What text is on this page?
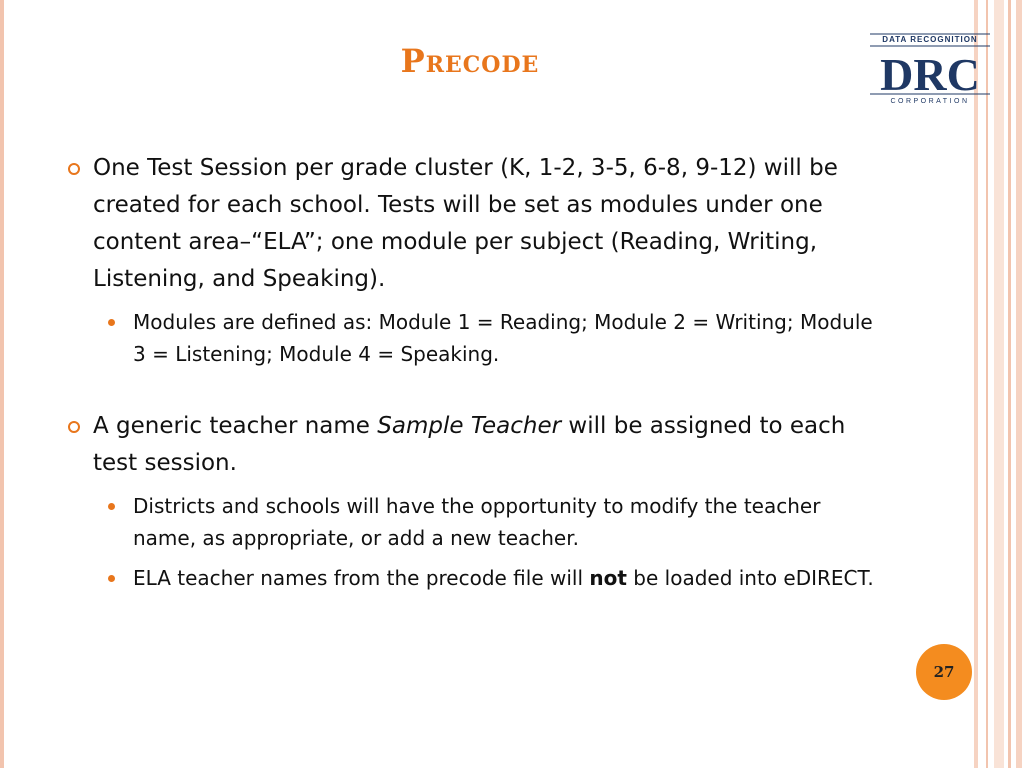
Precode
DATA RECOGNITION
DRC
CORPORATION
One Test Session per grade cluster (K, 1-2, 3-5, 6-8, 9-12) will be created for each school. Tests will be set as modules under one content area–“ELA”; one module per subject (Reading, Writing, Listening, and Speaking).
Modules are defined as: Module 1 = Reading; Module 2 = Writing; Module 3 = Listening; Module 4 = Speaking.
A generic teacher name Sample Teacher will be assigned to each test session.
Districts and schools will have the opportunity to modify the teacher name, as appropriate, or add a new teacher.
ELA teacher names from the precode file will not be loaded into eDIRECT.
27
